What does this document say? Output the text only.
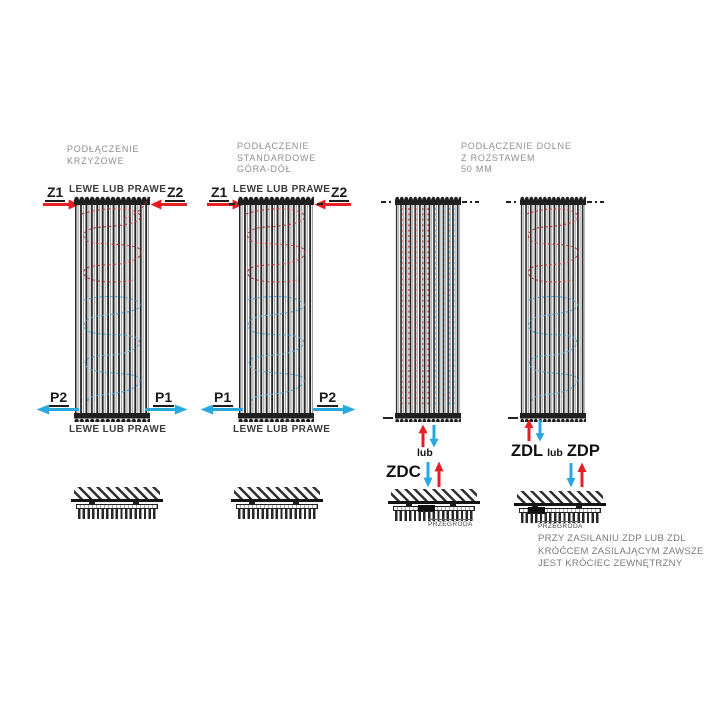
PODŁĄCZENIE
KRZYŻOWE
PODŁĄCZENIE
STANDARDOWE
GÓRA-DÓŁ
PODŁĄCZENIE DOLNE
Z ROZSTAWEM
50 MM
LEWE LUB PRAWE
Z1	Z2
P2	P1
LEWE LUB PRAWE
LEWE LUB PRAWE
Z1	Z2
P1	P2
LEWE LUB PRAWE
lub
ZDC
PRZEGRODA
ZDL lub ZDP
PRZEGRODA
PRZY ZASILANIU ZDP LUB ZDL
KRÓĆCEM ZASILAJĄCYM ZAWSZE
JEST KRÓCIEC ZEWNĘTRZNY
